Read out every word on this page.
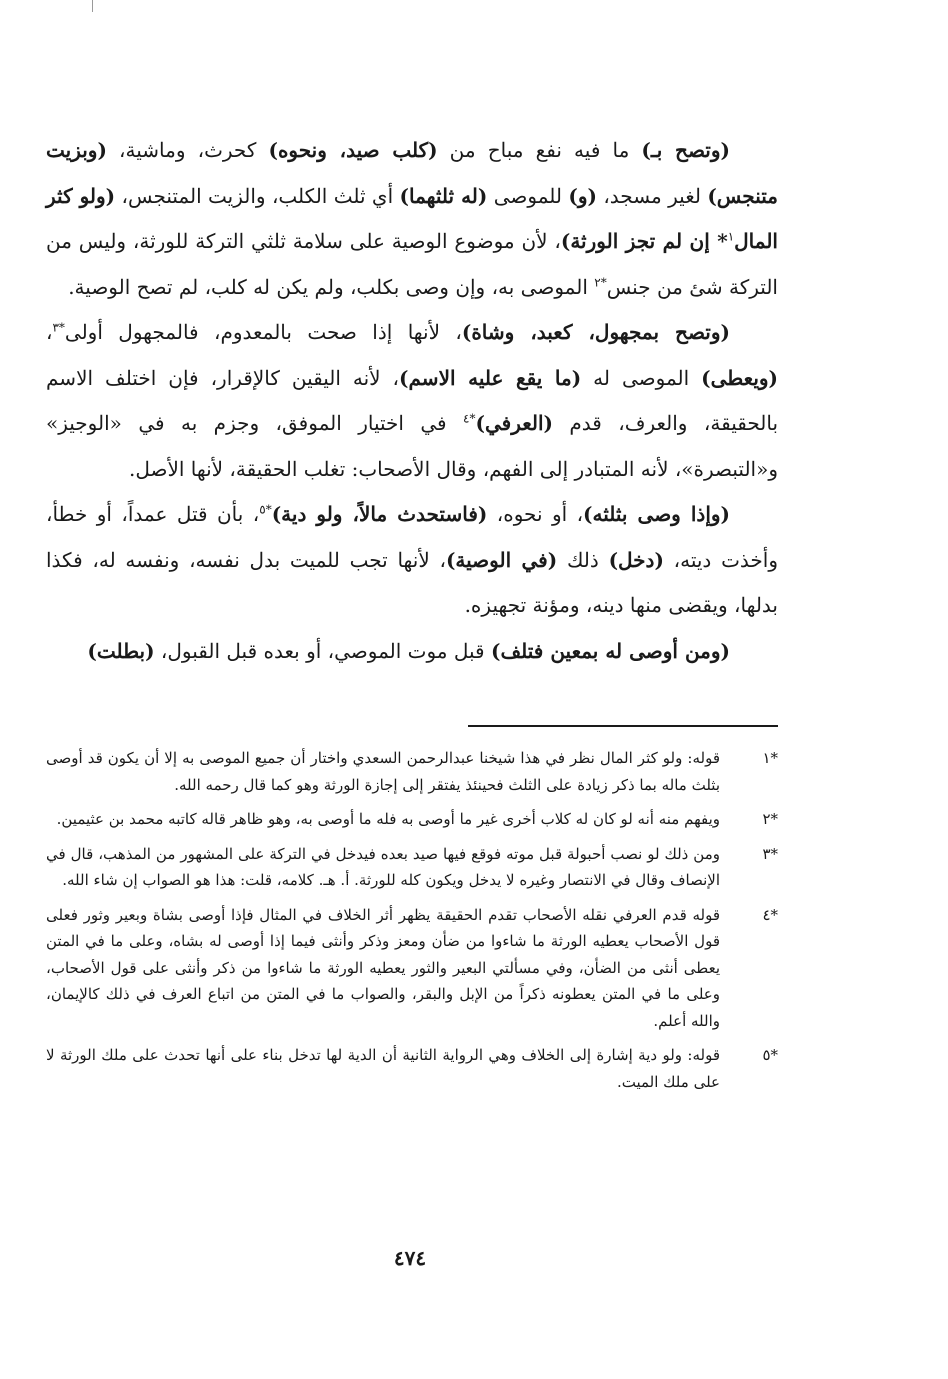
(وتصح بـ) ما فيه نفع مباح من (كلب صيد، ونحوه) كحرث، وماشية، (وبزيت متنجس) لغير مسجد، (و) للموصى (له ثلثهما) أي ثلث الكلب، والزيت المتنجس، (ولو كثر المال$^١$* إن لم تجز الورثة)، لأن موضوع الوصية على سلامة ثلثي التركة للورثة، وليس من التركة شئ من جنس$^{*٢}$ الموصى به، وإن وصى بكلب، ولم يكن له كلب، لم تصح الوصية.

(وتصح بمجهول، كعبد، وشاة)، لأنها إذا صحت بالمعدوم، فالمجهول أولى$^{*٣}$، (ويعطى) الموصى له (ما يقع عليه الاسم)، لأنه اليقين كالإقرار، فإن اختلف الاسم بالحقيقة، والعرف، قدم (العرفي)$^{*٤}$ في اختيار الموفق، وجزم به في «الوجيز» و«التبصرة»، لأنه المتبادر إلى الفهم، وقال الأصحاب: تغلب الحقيقة، لأنها الأصل.

(وإذا وصى بثلثه)، أو نحوه، (فاستحدث مالاً، ولو دية)$^{*٥}$، بأن قتل عمداً، أو خطأ، وأخذت ديته، (دخل) ذلك (في الوصية)، لأنها تجب للميت بدل نفسه، ونفسه له، فكذا بدلها، ويقضى منها دينه، ومؤنة تجهيزه.

(ومن أوصى له بمعين فتلف) قبل موت الموصي، أو بعده قبل القبول، (بطلت)

*١
قوله: ولو كثر المال نظر في هذا شيخنا عبدالرحمن السعدي واختار أن جميع الموصى به إلا أن يكون قد أوصى بثلث ماله بما ذكر زيادة على الثلث فحينئذ يفتقر إلى إجازة الورثة وهو كما قال رحمه الله.
*٢
ويفهم منه أنه لو كان له كلاب أخرى غير ما أوصى به فله ما أوصى به، وهو ظاهر قاله كاتبه محمد بن عثيمين.
*٣
ومن ذلك لو نصب أحبولة قبل موته فوقع فيها صيد بعده فيدخل في التركة على المشهور من المذهب، قال في الإنصاف وقال في الانتصار وغيره لا يدخل ويكون كله للورثة. أ. هـ. كلامه، قلت: هذا هو الصواب إن شاء الله.
*٤
قوله قدم العرفي نقله الأصحاب تقدم الحقيقة يظهر أثر الخلاف في المثال فإذا أوصى بشاة وبعير وثور فعلى قول الأصحاب يعطيه الورثة ما شاءوا من ضأن ومعز وذكر وأنثى فيما إذا أوصى له بشاه، وعلى ما في المتن يعطى أنثى من الضأن، وفي مسألتي البعير والثور يعطيه الورثة ما شاءوا من ذكر وأنثى على قول الأصحاب، وعلى ما في المتن يعطونه ذكراً من الإبل والبقر، والصواب ما في المتن من اتباع العرف في ذلك كالإيمان، والله أعلم.
*٥
قوله: ولو دية إشارة إلى الخلاف وهي الرواية الثانية أن الدية لها تدخل بناء على أنها تحدث على ملك الورثة لا على ملك الميت.
٤٧٤
